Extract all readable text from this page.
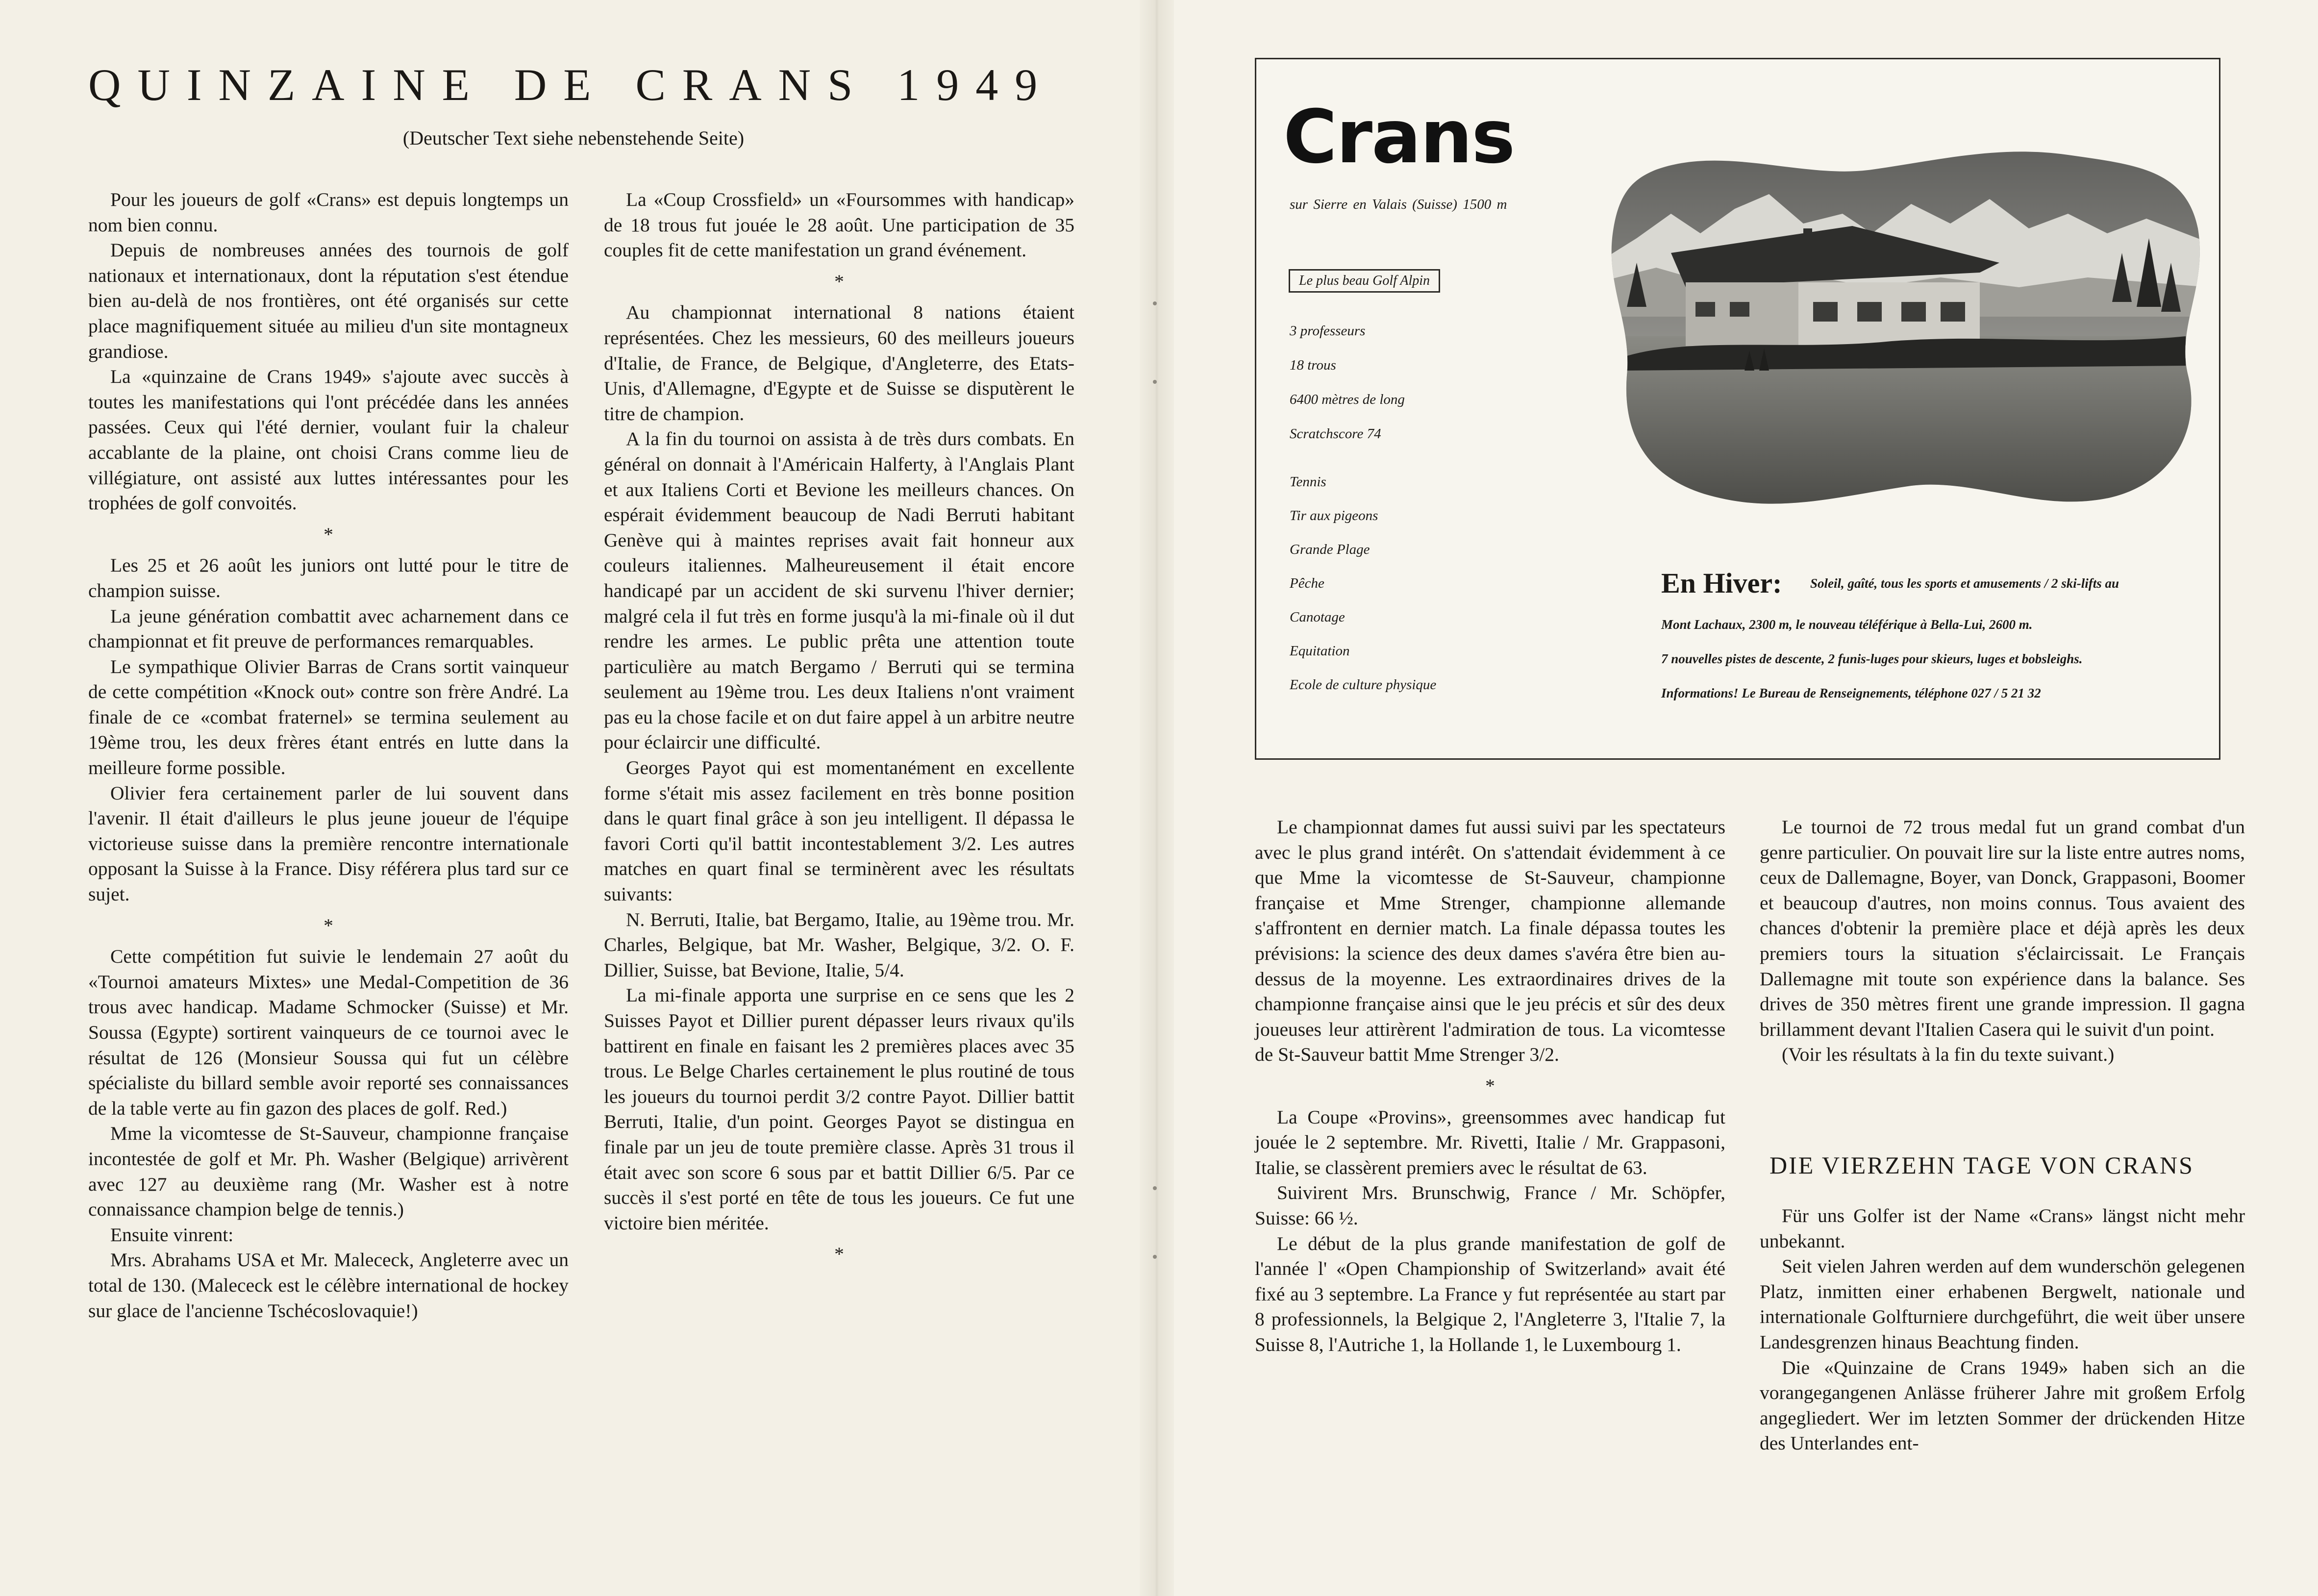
QUINZAINE DE CRANS 1949
(Deutscher Text siehe nebenstehende Seite)

Pour les joueurs de golf «Crans» est depuis longtemps un nom bien connu.

Depuis de nombreuses années des tournois de golf nationaux et internationaux, dont la réputation s'est étendue bien au-delà de nos frontières, ont été organisés sur cette place magnifiquement située au milieu d'un site montagneux grandiose.

La «quinzaine de Crans 1949» s'ajoute avec succès à toutes les manifestations qui l'ont précédée dans les années passées. Ceux qui l'été dernier, voulant fuir la chaleur accablante de la plaine, ont choisi Crans comme lieu de villégiature, ont assisté aux luttes intéressantes pour les trophées de golf convoités.

*

Les 25 et 26 août les juniors ont lutté pour le titre de champion suisse.

La jeune génération combattit avec acharnement dans ce championnat et fit preuve de performances remarquables.

Le sympathique Olivier Barras de Crans sortit vainqueur de cette compétition «Knock out» contre son frère André. La finale de ce «combat fraternel» se termina seulement au 19ème trou, les deux frères étant entrés en lutte dans la meilleure forme possible.

Olivier fera certainement parler de lui souvent dans l'avenir. Il était d'ailleurs le plus jeune joueur de l'équipe victorieuse suisse dans la première rencontre internationale opposant la Suisse à la France. Disy référera plus tard sur ce sujet.

*

Cette compétition fut suivie le lendemain 27 août du «Tournoi amateurs Mixtes» une Medal-Competition de 36 trous avec handicap. Madame Schmocker (Suisse) et Mr. Soussa (Egypte) sortirent vainqueurs de ce tournoi avec le résultat de 126 (Monsieur Soussa qui fut un célèbre spécialiste du billard semble avoir reporté ses connaissances de la table verte au fin gazon des places de golf. Red.)

Mme la vicomtesse de St-Sauveur, championne française incontestée de golf et Mr. Ph. Washer (Belgique) arrivèrent avec 127 au deuxième rang (Mr. Washer est à notre connaissance champion belge de tennis.)

Ensuite vinrent:

Mrs. Abrahams USA et Mr. Malececk, Angleterre avec un total de 130. (Malececk est le célèbre international de hockey sur glace de l'ancienne Tschécoslovaquie!)

La «Coup Crossfield» un «Foursommes with handicap» de 18 trous fut jouée le 28 août. Une participation de 35 couples fit de cette manifestation un grand événement.

*

Au championnat international 8 nations étaient représentées. Chez les messieurs, 60 des meilleurs joueurs d'Italie, de France, de Belgique, d'Angleterre, des Etats-Unis, d'Allemagne, d'Egypte et de Suisse se disputèrent le titre de champion.

A la fin du tournoi on assista à de très durs combats. En général on donnait à l'Américain Halferty, à l'Anglais Plant et aux Italiens Corti et Bevione les meilleurs chances. On espérait évidemment beaucoup de Nadi Berruti habitant Genève qui à maintes reprises avait fait honneur aux couleurs italiennes. Malheureusement il était encore handicapé par un accident de ski survenu l'hiver dernier; malgré cela il fut très en forme jusqu'à la mi-finale où il dut rendre les armes. Le public prêta une attention toute particulière au match Bergamo / Berruti qui se termina seulement au 19ème trou. Les deux Italiens n'ont vraiment pas eu la chose facile et on dut faire appel à un arbitre neutre pour éclaircir une difficulté.

Georges Payot qui est momentanément en excellente forme s'était mis assez facilement en très bonne position dans le quart final grâce à son jeu intelligent. Il dépassa le favori Corti qu'il battit incontestablement 3/2. Les autres matches en quart final se terminèrent avec les résultats suivants:

N. Berruti, Italie, bat Bergamo, Italie, au 19ème trou. Mr. Charles, Belgique, bat Mr. Washer, Belgique, 3/2. O. F. Dillier, Suisse, bat Bevione, Italie, 5/4.

La mi-finale apporta une surprise en ce sens que les 2 Suisses Payot et Dillier purent dépasser leurs rivaux qu'ils battirent en finale en faisant les 2 premières places avec 35 trous. Le Belge Charles certainement le plus routiné de tous les joueurs du tournoi perdit 3/2 contre Payot. Dillier battit Berruti, Italie, d'un point. Georges Payot se distingua en finale par un jeu de toute première classe. Après 31 trous il était avec son score 6 sous par et battit Dillier 6/5. Par ce succès il s'est porté en tête de tous les joueurs. Ce fut une victoire bien méritée.

*

Crans
sur Sierre en Valais (Suisse) 1500 m
Le plus beau Golf Alpin
3 professeurs
18 trous
6400 mètres de long
Scratchscore 74
Tennis
Tir aux pigeons
Grande Plage
Pêche
Canotage
Equitation
Ecole de culture physique
En Hiver: Soleil, gaîté, tous les sports et amusements / 2 ski-lifts au
Mont Lachaux, 2300 m, le nouveau téléférique à Bella-Lui, 2600 m.
7 nouvelles pistes de descente, 2 funis-luges pour skieurs, luges et bobsleighs.
Informations! Le Bureau de Renseignements, téléphone 027 / 5 21 32

Le championnat dames fut aussi suivi par les spectateurs avec le plus grand intérêt. On s'attendait évidemment à ce que Mme la vicomtesse de St-Sauveur, championne française et Mme Strenger, championne allemande s'affrontent en dernier match. La finale dépassa toutes les prévisions: la science des deux dames s'avéra être bien au-dessus de la moyenne. Les extraordinaires drives de la championne française ainsi que le jeu précis et sûr des deux joueuses leur attirèrent l'admiration de tous. La vicomtesse de St-Sauveur battit Mme Strenger 3/2.

*

La Coupe «Provins», greensommes avec handicap fut jouée le 2 septembre. Mr. Rivetti, Italie / Mr. Grappasoni, Italie, se classèrent premiers avec le résultat de 63.

Suivirent Mrs. Brunschwig, France / Mr. Schöpfer, Suisse: 66 ½.

Le début de la plus grande manifestation de golf de l'année l' «Open Championship of Switzerland» avait été fixé au 3 septembre. La France y fut représentée au start par 8 professionnels, la Belgique 2, l'Angleterre 3, l'Italie 7, la Suisse 8, l'Autriche 1, la Hollande 1, le Luxembourg 1.

Le tournoi de 72 trous medal fut un grand combat d'un genre particulier. On pouvait lire sur la liste entre autres noms, ceux de Dallemagne, Boyer, van Donck, Grappasoni, Boomer et beaucoup d'autres, non moins connus. Tous avaient des chances d'obtenir la première place et déjà après les deux premiers tours la situation s'éclaircissait. Le Français Dallemagne mit toute son expérience dans la balance. Ses drives de 350 mètres firent une grande impression. Il gagna brillamment devant l'Italien Casera qui le suivit d'un point.

(Voir les résultats à la fin du texte suivant.)

DIE VIERZEHN TAGE VON CRANS

Für uns Golfer ist der Name «Crans» längst nicht mehr unbekannt.

Seit vielen Jahren werden auf dem wunderschön gelegenen Platz, inmitten einer erhabenen Bergwelt, nationale und internationale Golfturniere durchgeführt, die weit über unsere Landesgrenzen hinaus Beachtung finden.

Die «Quinzaine de Crans 1949» haben sich an die vorangegangenen Anlässe früherer Jahre mit großem Erfolg angegliedert. Wer im letzten Sommer der drückenden Hitze des Unterlandes ent-
